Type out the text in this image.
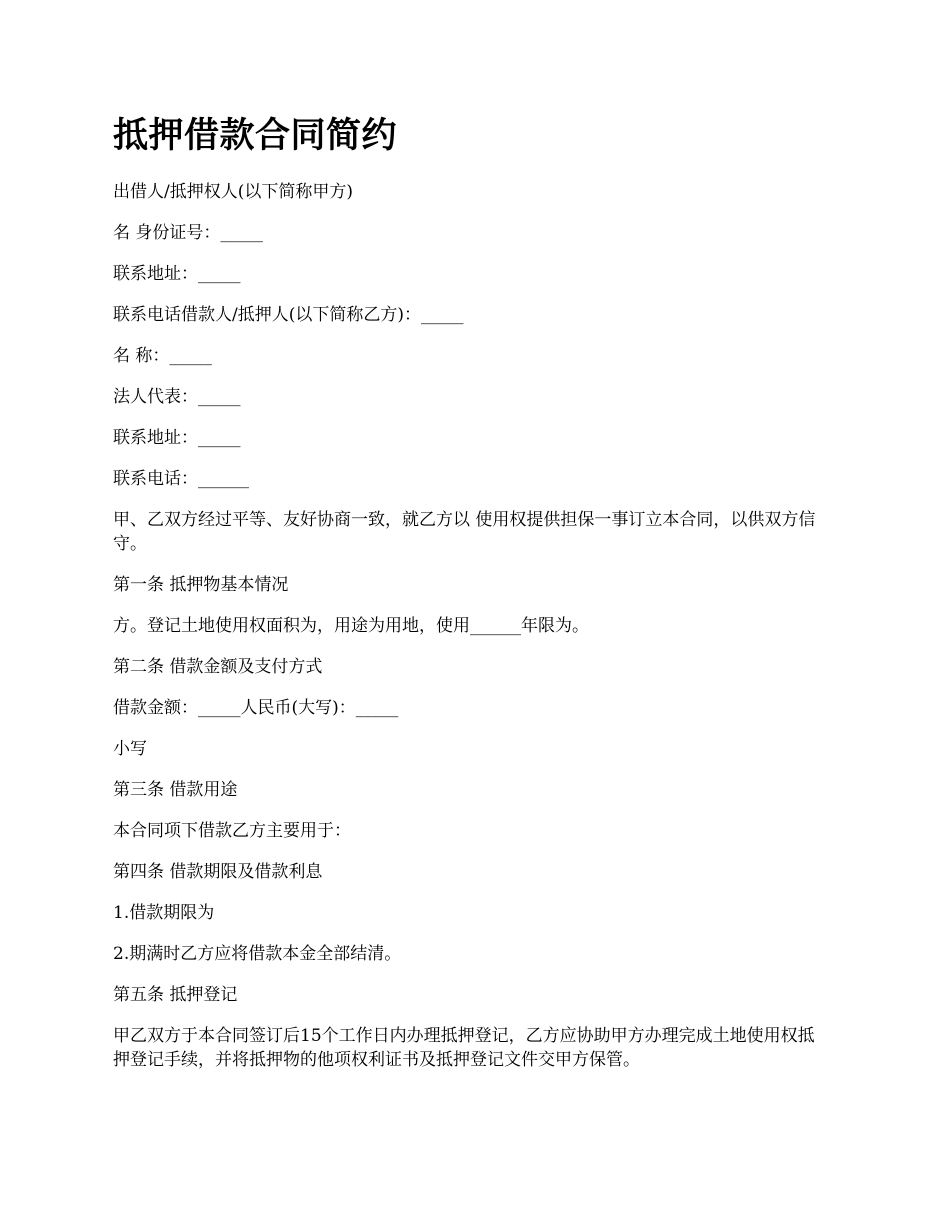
抵押借款合同简约

出借人/抵押权人(以下简称甲方)

名 身份证号：_____

联系地址：_____

联系电话借款人/抵押人(以下简称乙方)：_____

名 称：_____

法人代表：_____

联系地址：_____

联系电话：______

甲、乙双方经过平等、友好协商一致，就乙方以 使用权提供担保一事订立本合同，以供双方信守。

第一条 抵押物基本情况

方。登记土地使用权面积为，用途为用地，使用______年限为。

第二条 借款金额及支付方式

借款金额：_____人民币(大写)：_____

小写

第三条 借款用途

本合同项下借款乙方主要用于：

第四条 借款期限及借款利息

1.借款期限为

2.期满时乙方应将借款本金全部结清。

第五条 抵押登记

甲乙双方于本合同签订后15个工作日内办理抵押登记，乙方应协助甲方办理完成土地使用权抵押登记手续，并将抵押物的他项权利证书及抵押登记文件交甲方保管。
